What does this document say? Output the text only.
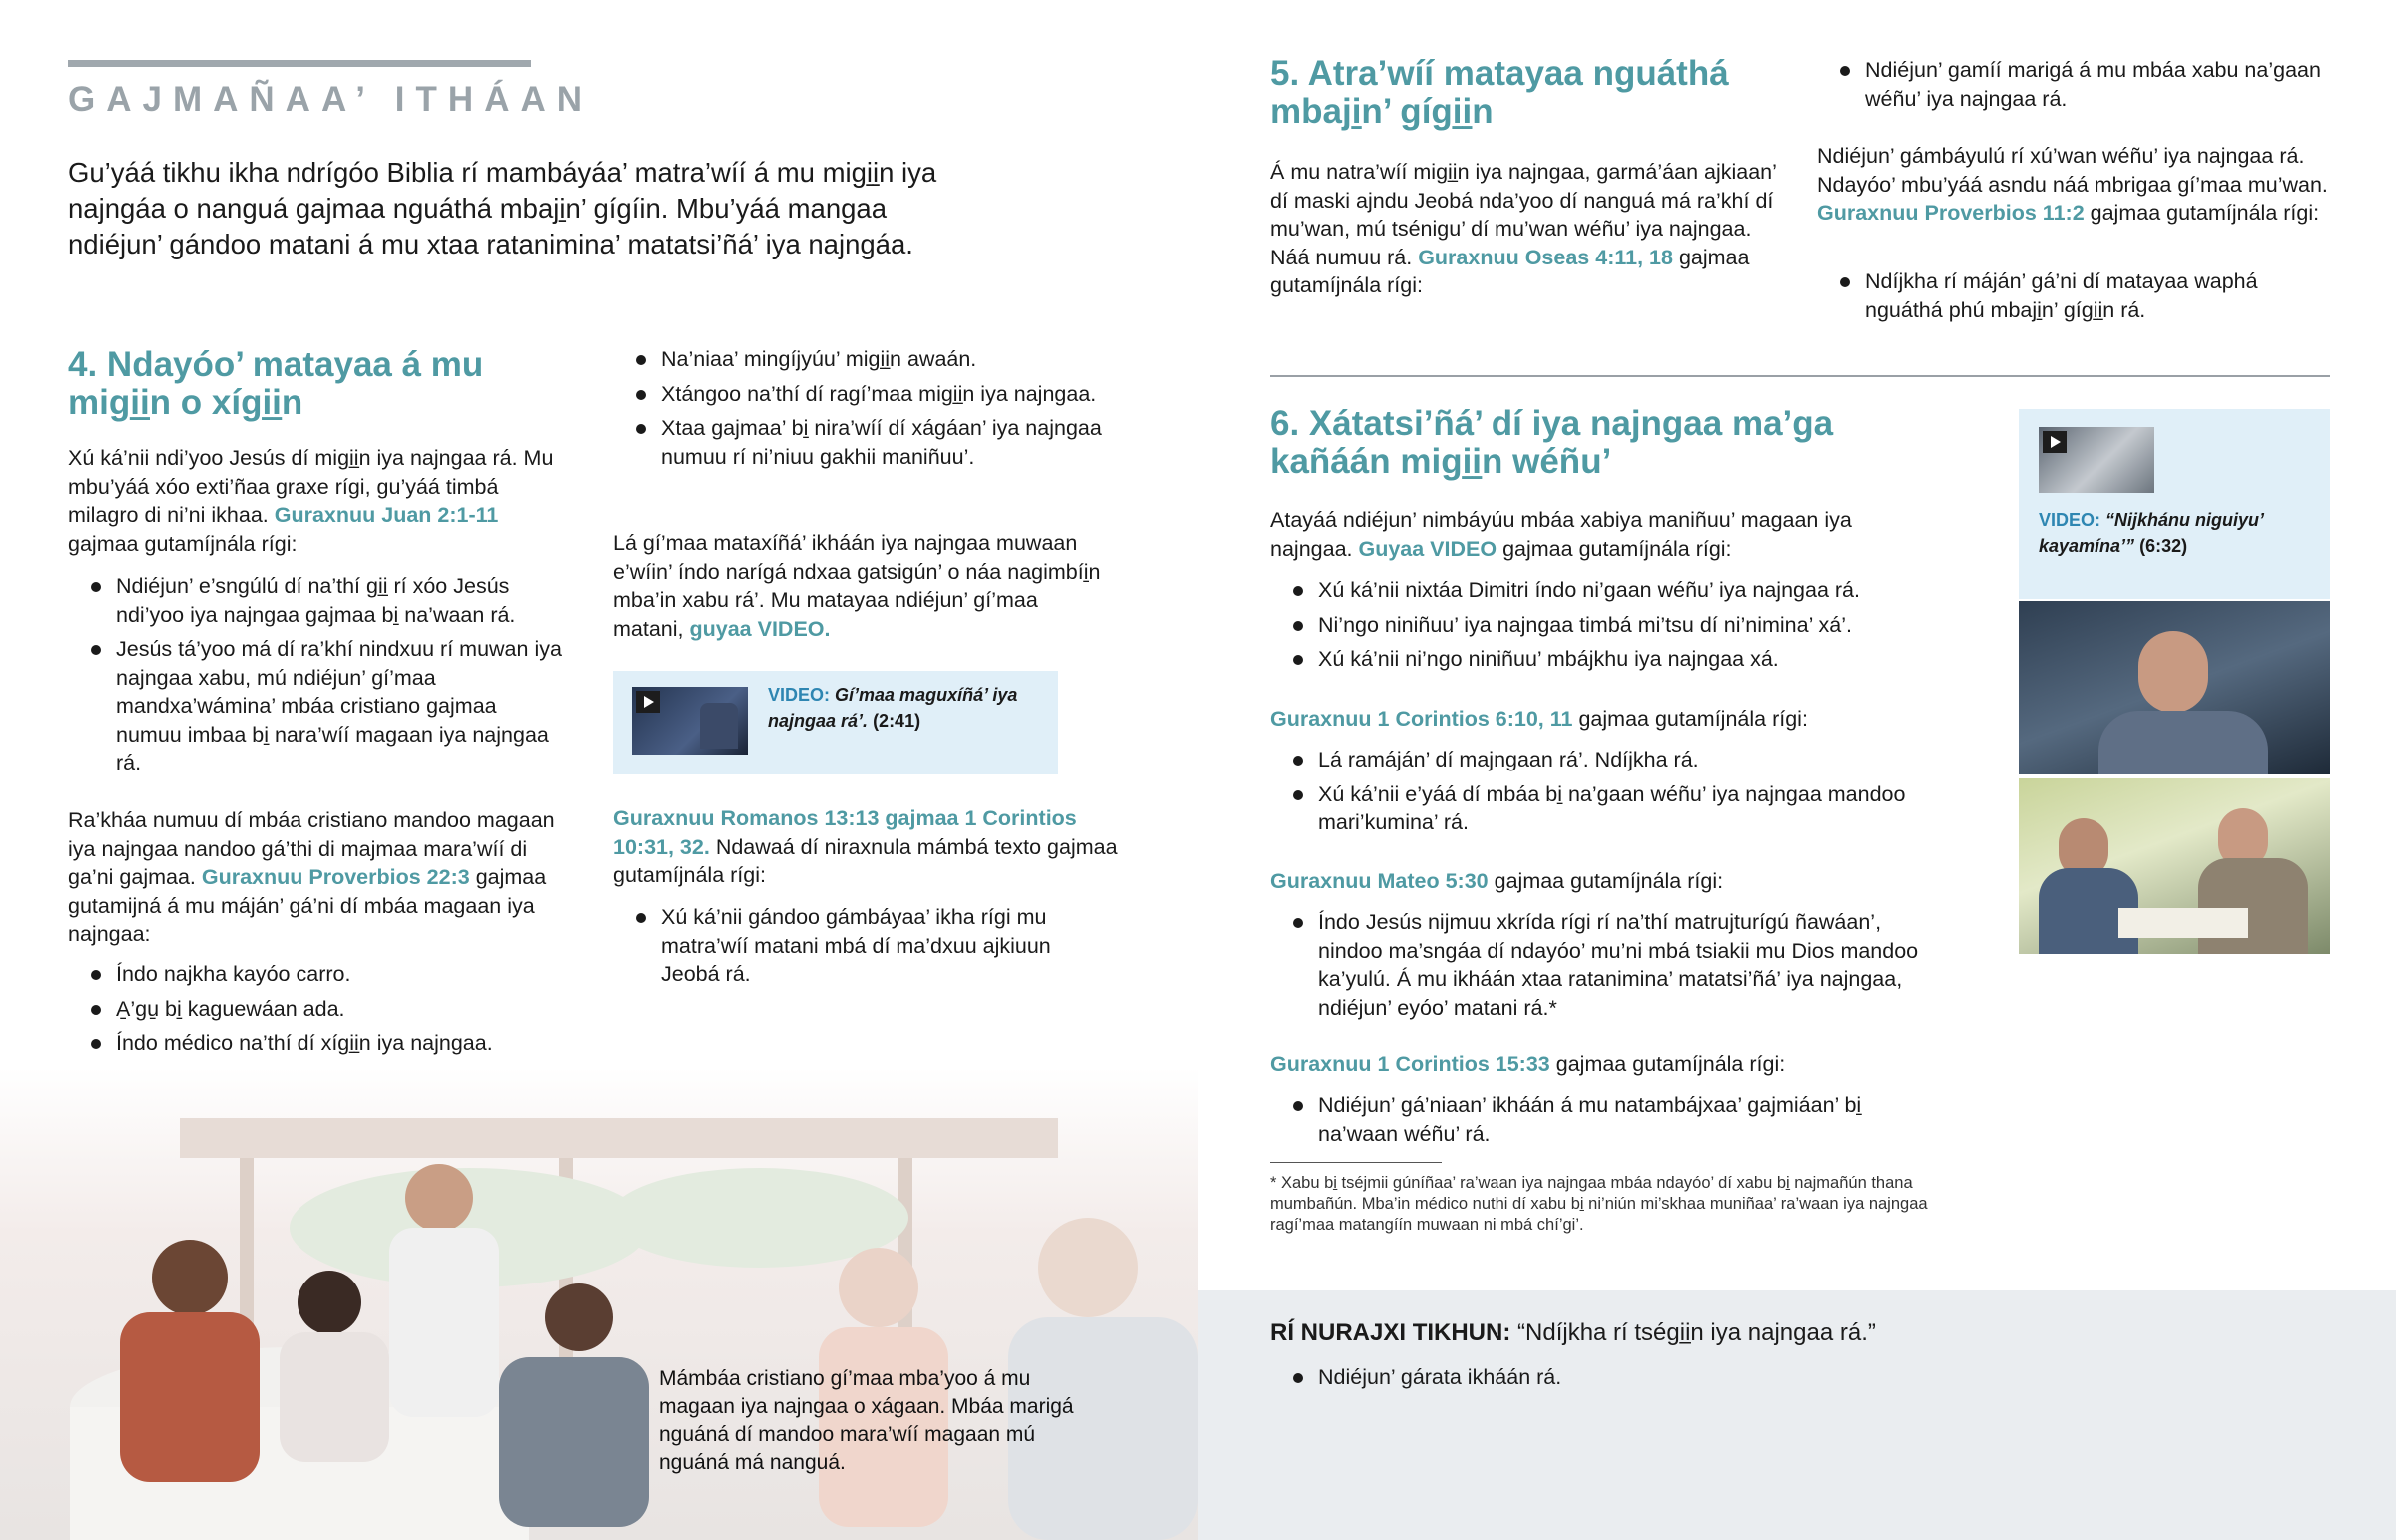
GAJMAÑAA’ ITHÁAN
Gu’yáá tikhu ikha ndrígóo Biblia rí mambáyáa’ matra’wíí á mu migi̱i̱n iya najngáa o nanguá gajmaa nguáthá mbaji̱n’ gígíin. Mbu’yáá mangaa ndiéjun’ gándoo matani á mu xtaa ratanimina’ matatsi’ñá’ iya najngáa.
4. Ndayóo’ matayaa á mu migi̱i̱n o xígi̱i̱n

Xú ká’nii ndi’yoo Jesús dí migi̱i̱n iya najngaa rá. Mu mbu’yáá xóo exti’ñaa graxe rígi, gu’yáá timbá milagro di ni’ni ikhaa. Guraxnuu Juan 2:1-11 gajmaa gutamíjnála rígi:

Ndiéjun’ e’sngúlú dí na’thí gi̱i̱ rí xóo Jesús ndi’yoo iya najngaa gajmaa bi̱ na’waan rá.
Jesús tá’yoo má dí ra’khí nindxuu rí muwan iya najngaa xabu, mú ndiéjun’ gí’maa mandxa’wámina’ mbáa cristiano gajmaa numuu imbaa bi̱ nara’wíí magaan iya najngaa rá.

Ra’kháa numuu dí mbáa cristiano mandoo magaan iya najngaa nandoo gá’thi di majmaa mara’wíí di ga’ni gajmaa. Guraxnuu Proverbios 22:3 gajmaa gutamijná á mu máján’ gá’ni dí mbáa magaan iya najngaa:

Índo najkha kayóo carro.
A̱’gu̱ bi̱ kaguewáan ada.
Índo médico na’thí dí xígi̱i̱n iya najngaa.
Na’niaa’ mingíjyúu’ migi̱i̱n awaán.
Xtángoo na’thí dí ragí’maa migi̱i̱n iya najngaa.
Xtaa gajmaa’ bi̱ nira’wíí dí xágáan’ iya najngaa numuu rí ni’niuu gakhii maniñuu’.

Lá gí’maa mataxíñá’ ikháán iya najngaa muwaan e’wíin’ índo narígá ndxaa gatsigún’ o náa nagimbíi̱n mba’in xabu rá’. Mu matayaa ndiéjun’ gí’maa matani, guyaa VIDEO.

VIDEO: Gí’maa maguxíñá’ iya najngaa rá’. (2:41)

Guraxnuu Romanos 13:13 gajmaa 1 Corintios 10:31, 32. Ndawaá dí niraxnula mámbá texto gajmaa gutamíjnála rígi:

Xú ká’nii gándoo gámbáyaa’ ikha rígi mu matra’wíí matani mbá dí ma’dxuu ajkiuun Jeobá rá.
Mámbáa cristiano gí’maa mba’yoo á mu magaan iya najngaa o xágaan. Mbáa marigá nguáná dí mandoo mara’wíí magaan mú nguáná má nanguá.
5. Atra’wíí matayaa nguáthá mbaji̱n’ gígi̱i̱n

Á mu natra’wíí migi̱i̱n iya najngaa, garmá’áan ajkiaan’ dí maski ajndu Jeobá nda’yoo dí nanguá má ra’khí dí mu’wan, mú tsénigu’ dí mu’wan wéñu’ iya najngaa. Náá numuu rá. Guraxnuu Oseas 4:11, 18 gajmaa gutamíjnála rígi:

Ndiéjun’ gamíí marigá á mu mbáa xabu na’gaan wéñu’ iya najngaa rá.

Ndiéjun’ gámbáyulú rí xú’wan wéñu’ iya najngaa rá. Ndayóo’ mbu’yáá asndu náá mbrigaa gí’maa mu’wan. Guraxnuu Proverbios 11:2 gajmaa gutamíjnála rígi:

Ndíjkha rí máján’ gá’ni dí matayaa waphá nguáthá phú mbaji̱n’ gígi̱i̱n rá.
6. Xátatsi’ñá’ dí iya najngaa ma’ga kañáán migi̱i̱n wéñu’

Atayáá ndiéjun’ nimbáyúu mbáa xabiya maniñuu’ magaan iya najngaa. Guyaa VIDEO gajmaa gutamíjnála rígi:

Xú ká’nii nixtáa Dimitri índo ni’gaan wéñu’ iya najngaa rá.
Ni’ngo niniñuu’ iya najngaa timbá mi’tsu dí ni’nimina’ xá’.
Xú ká’nii ni’ngo niniñuu’ mbájkhu iya najngaa xá.

Guraxnuu 1 Corintios 6:10, 11 gajmaa gutamíjnála rígi:

Lá ramáján’ dí majngaan rá’. Ndíjkha rá.
Xú ká’nii e’yáá dí mbáa bi̱ na’gaan wéñu’ iya najngaa mandoo mari’kumina’ rá.

Guraxnuu Mateo 5:30 gajmaa gutamíjnála rígi:

Índo Jesús nijmuu xkrída rígi rí na’thí matrujturígú ñawáan’, nindoo ma’sngáa dí ndayóo’ mu’ni mbá tsiakii mu Dios mandoo ka’yulú. Á mu ikháán xtaa ratanimina’ matatsi’ñá’ iya najngaa, ndiéjun’ eyóo’ matani rá.*

Guraxnuu 1 Corintios 15:33 gajmaa gutamíjnála rígi:

Ndiéjun’ gá’niaan’ ikháán á mu natambájxaa’ gajmiáan’ bi̱ na’waan wéñu’ rá.
* Xabu bi̱ tséjmii gúníñaa’ ra’waan iya najngaa mbáa ndayóo’ dí xabu bi̱ najmañún thana mumbañún. Mba’in médico nuthi dí xabu bi̱ ni’niún mi’skhaa muniñaa’ ra’waan iya najngaa ragí’maa matangíín muwaan ni mbá chí’gi’.
VIDEO: “Nijkhánu niguiyu’ kayamína’” (6:32)

RÍ NURAJXI TIKHUN: “Ndíjkha rí tségi̱i̱n iya najngaa rá.”

Ndiéjun’ gárata ikháán rá.
